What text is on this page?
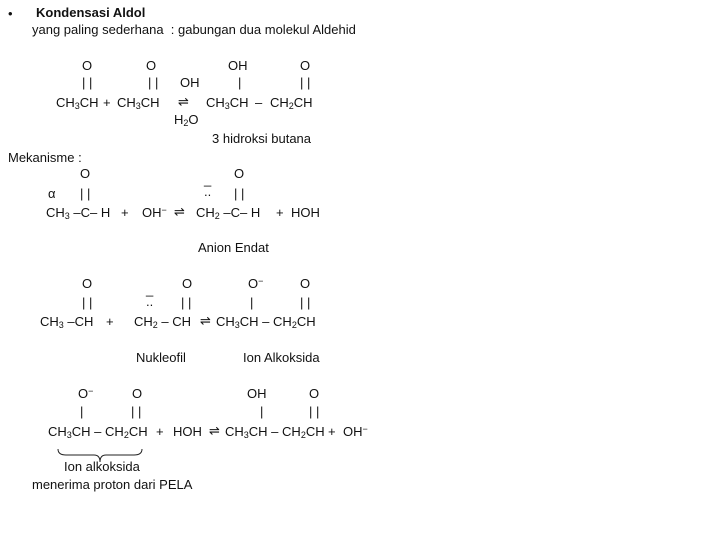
• Kondensasi Aldol
yang paling sederhana  : gabungan dua molekul Aldehid
O	O	OH	O
| |	| | OH	|	| |
$CH_3CH + CH_3CH$ ⇌ $CH_3CH - CH_2CH$
$H_2O$
3 hidroksi butana
Mekanisme :
O	_ O
α | |	.. | |
$CH_3$ –C– H + OH− ⇌ $CH_2$ –C– H + HOH
Anion Endat
O	_ O	O−	O
| |	.. | |	|	| |
$CH_3$ $-CH + CH_2$ – CH ⇌ $CH_3CH - CH_2CH$
Nukleofil	Ion Alkoksida
O−	O	OH	O
|	| |	|	| |
$CH_3CH - CH_2CH$ + HOH ⇌ $CH_3CH - CH_2CH + OH^-$
Ion alkoksida
menerima proton dari PELA
